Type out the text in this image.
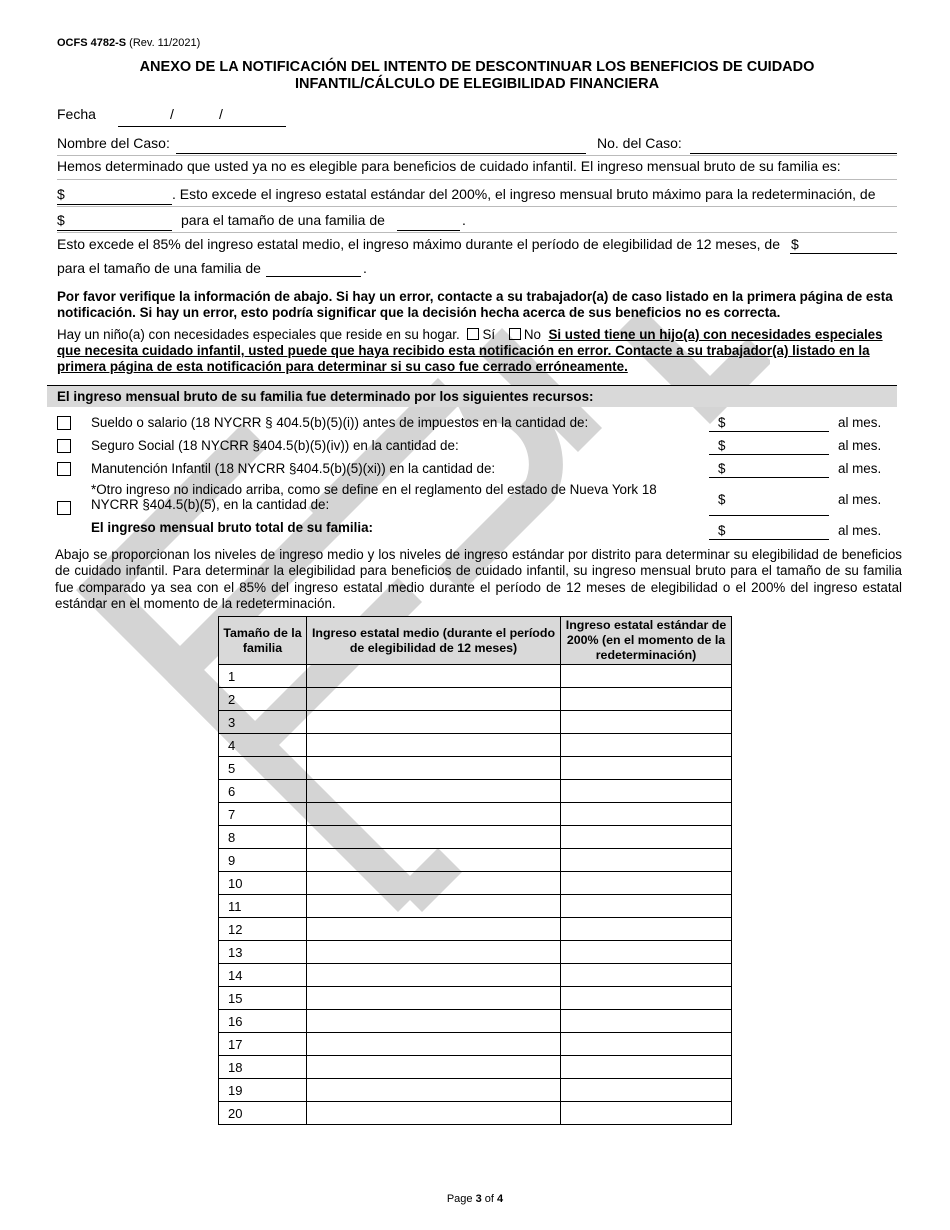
OCFS 4782-S (Rev. 11/2021)
ANEXO DE LA NOTIFICACIÓN DEL INTENTO DE DESCONTINUAR LOS BENEFICIOS DE CUIDADO
INFANTIL/CÁLCULO DE ELEGIBILIDAD FINANCIERA
Fecha	/	/
Nombre del Caso:	No. del Caso:
Hemos determinado que usted ya no es elegible para beneficios de cuidado infantil. El ingreso mensual bruto de su familia es:
$	. Esto excede el ingreso estatal estándar del 200%, el ingreso mensual bruto máximo para la redeterminación, de
$	para el tamaño de una familia de	.
Esto excede el 85% del ingreso estatal medio, el ingreso máximo durante el período de elegibilidad de 12 meses, de $
para el tamaño de una familia de	.
Por favor verifique la información de abajo. Si hay un error, contacte a su trabajador(a) de caso listado en la primera página de esta notificación. Si hay un error, esto podría significar que la decisión hecha acerca de sus beneficios no es correcta.
Hay un niño(a) con necesidades especiales que reside en su hogar. Sí No Si usted tiene un hijo(a) con necesidades especiales que necesita cuidado infantil, usted puede que haya recibido esta notificación en error. Contacte a su trabajador(a) listado en la primera página de esta notificación para determinar si su caso fue cerrado erróneamente.
El ingreso mensual bruto de su familia fue determinado por los siguientes recursos:
Sueldo o salario (18 NYCRR § 404.5(b)(5)(i)) antes de impuestos en la cantidad de:	$	al mes.
Seguro Social (18 NYCRR §404.5(b)(5)(iv)) en la cantidad de:	$	al mes.
Manutención Infantil (18 NYCRR §404.5(b)(5)(xi)) en la cantidad de:	$	al mes.
*Otro ingreso no indicado arriba, como se define en el reglamento del estado de Nueva York 18 NYCRR §404.5(b)(5), en la cantidad de:	$	al mes.
El ingreso mensual bruto total de su familia:	$	al mes.
Abajo se proporcionan los niveles de ingreso medio y los niveles de ingreso estándar por distrito para determinar su elegibilidad de beneficios de cuidado infantil. Para determinar la elegibilidad para beneficios de cuidado infantil, su ingreso mensual bruto para el tamaño de su familia fue comparado ya sea con el 85% del ingreso estatal medio durante el período de 12 meses de elegibilidad o el 200% del ingreso estatal estándar en el momento de la redeterminación.
Tamaño de la familia	Ingreso estatal medio (durante el período de elegibilidad de 12 meses)	Ingreso estatal estándar de 200% (en el momento de la redeterminación)
1		
2		
3		
4		
5		
6		
7		
8		
9		
10		
11		
12		
13		
14		
15		
16		
17		
18		
19		
20		
Page 3 of 4
